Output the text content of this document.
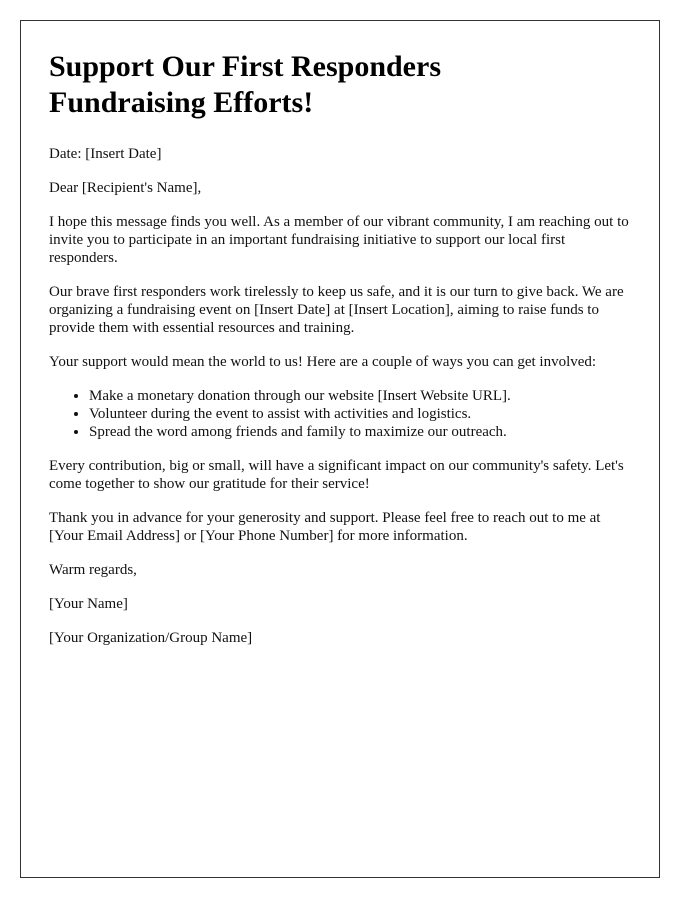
Support Our First Responders
Fundraising Efforts!

Date: [Insert Date]

Dear [Recipient's Name],

I hope this message finds you well. As a member of our vibrant community, I am reaching out to invite you to participate in an important fundraising initiative to support our local first responders.

Our brave first responders work tirelessly to keep us safe, and it is our turn to give back. We are organizing a fundraising event on [Insert Date] at [Insert Location], aiming to raise funds to provide them with essential resources and training.

Your support would mean the world to us! Here are a couple of ways you can get involved:

• Make a monetary donation through our website [Insert Website URL].
• Volunteer during the event to assist with activities and logistics.
• Spread the word among friends and family to maximize our outreach.

Every contribution, big or small, will have a significant impact on our community's safety. Let's come together to show our gratitude for their service!

Thank you in advance for your generosity and support. Please feel free to reach out to me at [Your Email Address] or [Your Phone Number] for more information.

Warm regards,

[Your Name]

[Your Organization/Group Name]
